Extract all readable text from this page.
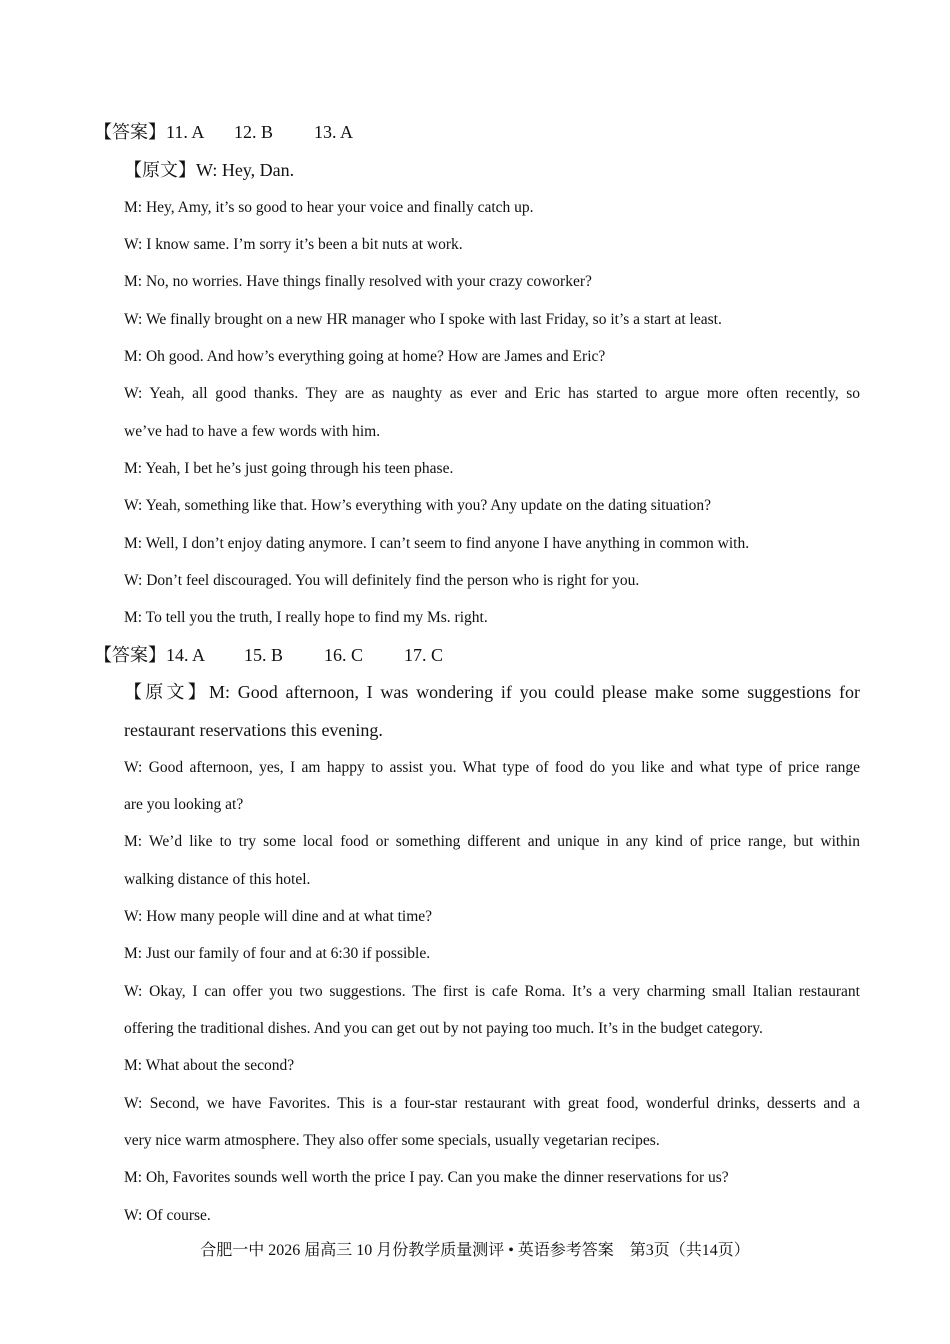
【答案】11. A 12. B 13. A
【原文】W: Hey, Dan.
M: Hey, Amy, it’s so good to hear your voice and finally catch up.
W: I know same. I’m sorry it’s been a bit nuts at work.
M: No, no worries. Have things finally resolved with your crazy coworker?
W: We finally brought on a new HR manager who I spoke with last Friday, so it’s a start at least.
M: Oh good. And how’s everything going at home? How are James and Eric?
W: Yeah, all good thanks. They are as naughty as ever and Eric has started to argue more often recently, so
we’ve had to have a few words with him.
M: Yeah, I bet he’s just going through his teen phase.
W: Yeah, something like that. How’s everything with you? Any update on the dating situation?
M: Well, I don’t enjoy dating anymore. I can’t seem to find anyone I have anything in common with.
W: Don’t feel discouraged. You will definitely find the person who is right for you.
M: To tell you the truth, I really hope to find my Ms. right.
【答案】14. A 15. B 16. C 17. C
【原文】M: Good afternoon, I was wondering if you could please make some suggestions for
restaurant reservations this evening.
W: Good afternoon, yes, I am happy to assist you. What type of food do you like and what type of price range
are you looking at?
M: We’d like to try some local food or something different and unique in any kind of price range, but within
walking distance of this hotel.
W: How many people will dine and at what time?
M: Just our family of four and at 6:30 if possible.
W: Okay, I can offer you two suggestions. The first is cafe Roma. It’s a very charming small Italian restaurant
offering the traditional dishes. And you can get out by not paying too much. It’s in the budget category.
M: What about the second?
W: Second, we have Favorites. This is a four-star restaurant with great food, wonderful drinks, desserts and a
very nice warm atmosphere. They also offer some specials, usually vegetarian recipes.
M: Oh, Favorites sounds well worth the price I pay. Can you make the dinner reservations for us?
W: Of course.
合肥一中 2026 届高三 10 月份教学质量测评 • 英语参考答案　第3页（共14页）
